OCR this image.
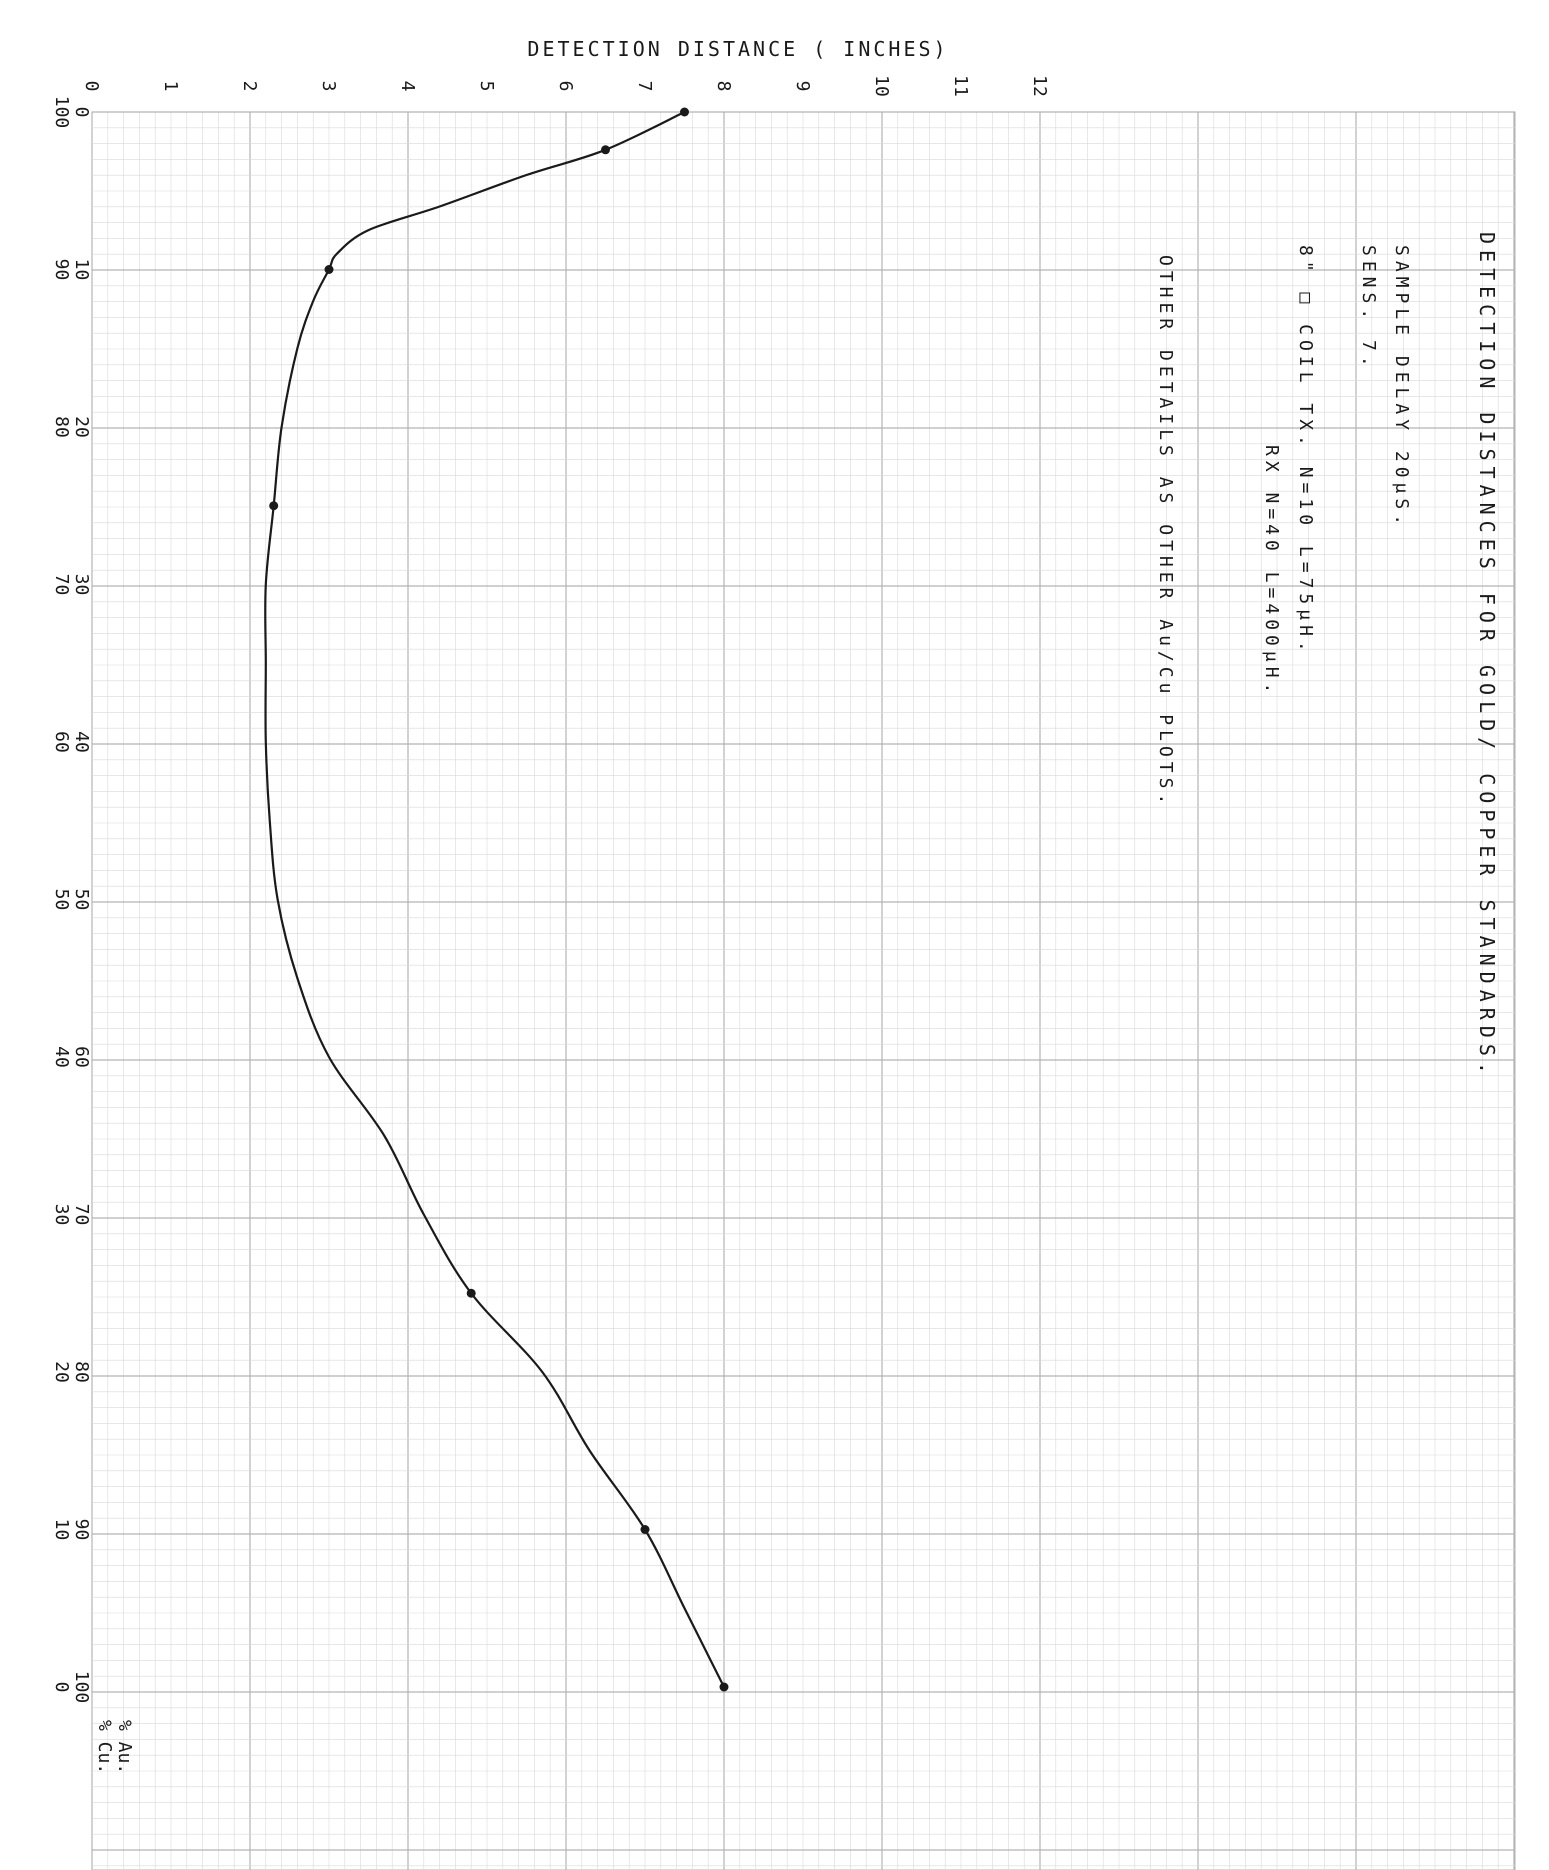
0	1	2	3	4	5	6	7	8	9	10	11	12
0
100
10
90
20
80
30
70
40
60
50
50
60
40
70
30
80
20
90
10
100
0
DETECTION DISTANCE ( INCHES)
DETECTION DISTANCES FOR GOLD/ COPPER STANDARDS.
SAMPLE DELAY 20μS.
SENS. 7.
8" □ COIL TX. N=10 L=75μH.
RX N=40 L=400μH.
OTHER DETAILS AS OTHER Au/Cu PLOTS.
% Au.
% Cu.
